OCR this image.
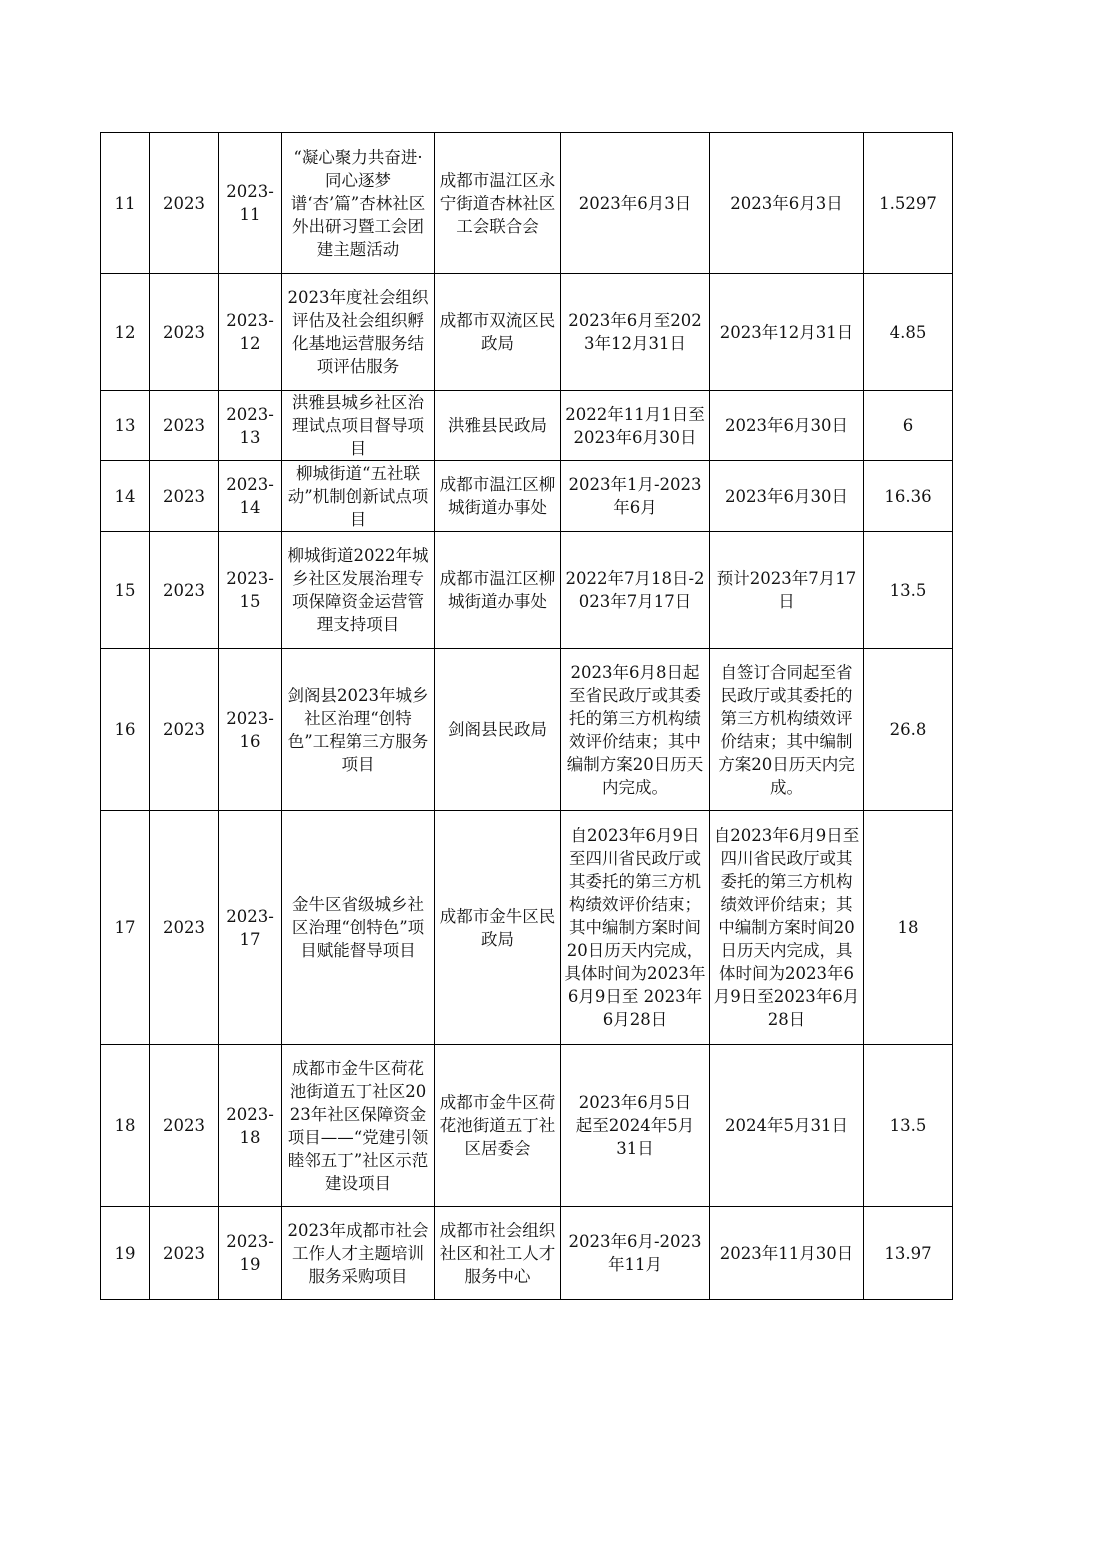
11	2023	2023-11	“凝心聚力共奋进·同心逐梦谱‘杏’篇”杏林社区外出研习暨工会团建主题活动	成都市温江区永宁街道杏林社区工会联合会	2023年6月3日	2023年6月3日	1.5297
12	2023	2023-12	2023年度社会组织评估及社会组织孵化基地运营服务结项评估服务	成都市双流区民政局	2023年6月至2023年12月31日	2023年12月31日	4.85
13	2023	2023-13	洪雅县城乡社区治理试点项目督导项目	洪雅县民政局	2022年11月1日至2023年6月30日	2023年6月30日	6
14	2023	2023-14	柳城街道“五社联动”机制创新试点项目	成都市温江区柳城街道办事处	2023年1月-2023年6月	2023年6月30日	16.36
15	2023	2023-15	柳城街道2022年城乡社区发展治理专项保障资金运营管理支持项目	成都市温江区柳城街道办事处	2022年7月18日-2023年7月17日	预计2023年7月17日	13.5
16	2023	2023-16	剑阁县2023年城乡社区治理“创特色”工程第三方服务项目	剑阁县民政局	2023年6月8日起至省民政厅或其委托的第三方机构绩效评价结束；其中编制方案20日历天内完成。	自签订合同起至省民政厅或其委托的第三方机构绩效评价结束；其中编制方案20日历天内完成。	26.8
17	2023	2023-17	金牛区省级城乡社区治理“创特色”项目赋能督导项目	成都市金牛区民政局	自2023年6月9日至四川省民政厅或其委托的第三方机构绩效评价结束；其中编制方案时间20日历天内完成，具体时间为2023年6月9日至 2023年6月28日	自2023年6月9日至四川省民政厅或其委托的第三方机构绩效评价结束；其中编制方案时间20日历天内完成，具体时间为2023年6月9日至2023年6月28日	18
18	2023	2023-18	成都市金牛区荷花池街道五丁社区2023年社区保障资金项目——“党建引领 睦邻五丁”社区示范建设项目	成都市金牛区荷花池街道五丁社区居委会	2023年6月5日起至2024年5月31日	2024年5月31日	13.5
19	2023	2023-19	2023年成都市社会工作人才主题培训服务采购项目	成都市社会组织社区和社工人才服务中心	2023年6月-2023年11月	2023年11月30日	13.97
